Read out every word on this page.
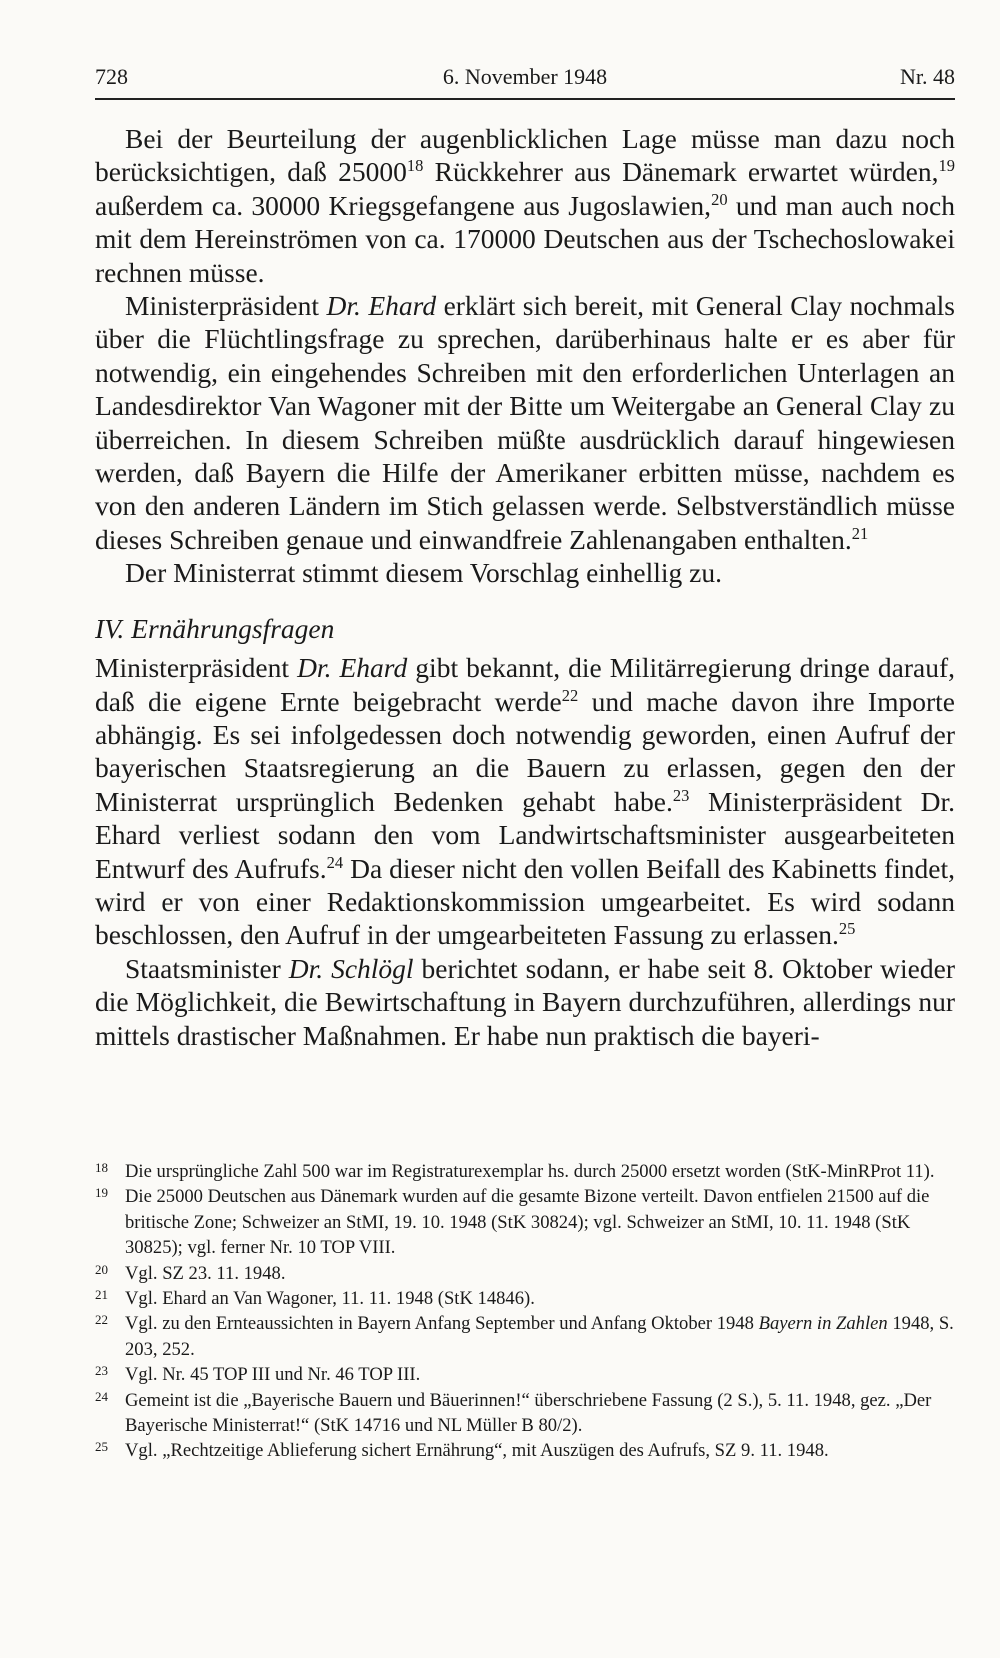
728	6. November 1948	Nr. 48

Bei der Beurteilung der augenblicklichen Lage müsse man dazu noch berücksichtigen, daß 25000$^{18}$ Rückkehrer aus Dänemark erwartet würden,$^{19}$ außerdem ca. 30000 Kriegsgefangene aus Jugoslawien,$^{20}$ und man auch noch mit dem Hereinströmen von ca. 170000 Deutschen aus der Tschechoslowakei rechnen müsse.

Ministerpräsident Dr. Ehard erklärt sich bereit, mit General Clay nochmals über die Flüchtlingsfrage zu sprechen, darüberhinaus halte er es aber für notwendig, ein eingehendes Schreiben mit den erforderlichen Unterlagen an Landesdirektor Van Wagoner mit der Bitte um Weitergabe an General Clay zu überreichen. In diesem Schreiben müßte ausdrücklich darauf hingewiesen werden, daß Bayern die Hilfe der Amerikaner erbitten müsse, nachdem es von den anderen Ländern im Stich gelassen werde. Selbstverständlich müsse dieses Schreiben genaue und einwandfreie Zahlenangaben enthalten.$^{21}$

Der Ministerrat stimmt diesem Vorschlag einhellig zu.

IV. Ernährungsfragen

Ministerpräsident Dr. Ehard gibt bekannt, die Militärregierung dringe darauf, daß die eigene Ernte beigebracht werde$^{22}$ und mache davon ihre Importe abhängig. Es sei infolgedessen doch notwendig geworden, einen Aufruf der bayerischen Staatsregierung an die Bauern zu erlassen, gegen den der Ministerrat ursprünglich Bedenken gehabt habe.$^{23}$ Ministerpräsident Dr. Ehard verliest sodann den vom Landwirtschaftsminister ausgearbeiteten Entwurf des Aufrufs.$^{24}$ Da dieser nicht den vollen Beifall des Kabinetts findet, wird er von einer Redaktionskommission umgearbeitet. Es wird sodann beschlossen, den Aufruf in der umgearbeiteten Fassung zu erlassen.$^{25}$

Staatsminister Dr. Schlögl berichtet sodann, er habe seit 8. Oktober wieder die Möglichkeit, die Bewirtschaftung in Bayern durchzuführen, allerdings nur mittels drastischer Maßnahmen. Er habe nun praktisch die bayeri-

18 Die ursprüngliche Zahl 500 war im Registraturexemplar hs. durch 25000 ersetzt worden (StK-MinRProt 11).
19 Die 25000 Deutschen aus Dänemark wurden auf die gesamte Bizone verteilt. Davon entfielen 21500 auf die britische Zone; Schweizer an StMI, 19. 10. 1948 (StK 30824); vgl. Schweizer an StMI, 10. 11. 1948 (StK 30825); vgl. ferner Nr. 10 TOP VIII.
20 Vgl. SZ 23. 11. 1948.
21 Vgl. Ehard an Van Wagoner, 11. 11. 1948 (StK 14846).
22 Vgl. zu den Ernteaussichten in Bayern Anfang September und Anfang Oktober 1948 Bayern in Zahlen 1948, S. 203, 252.
23 Vgl. Nr. 45 TOP III und Nr. 46 TOP III.
24 Gemeint ist die „Bayerische Bauern und Bäuerinnen!“ überschriebene Fassung (2 S.), 5. 11. 1948, gez. „Der Bayerische Ministerrat!“ (StK 14716 und NL Müller B 80/2).
25 Vgl. „Rechtzeitige Ablieferung sichert Ernährung“, mit Auszügen des Aufrufs, SZ 9. 11. 1948.
